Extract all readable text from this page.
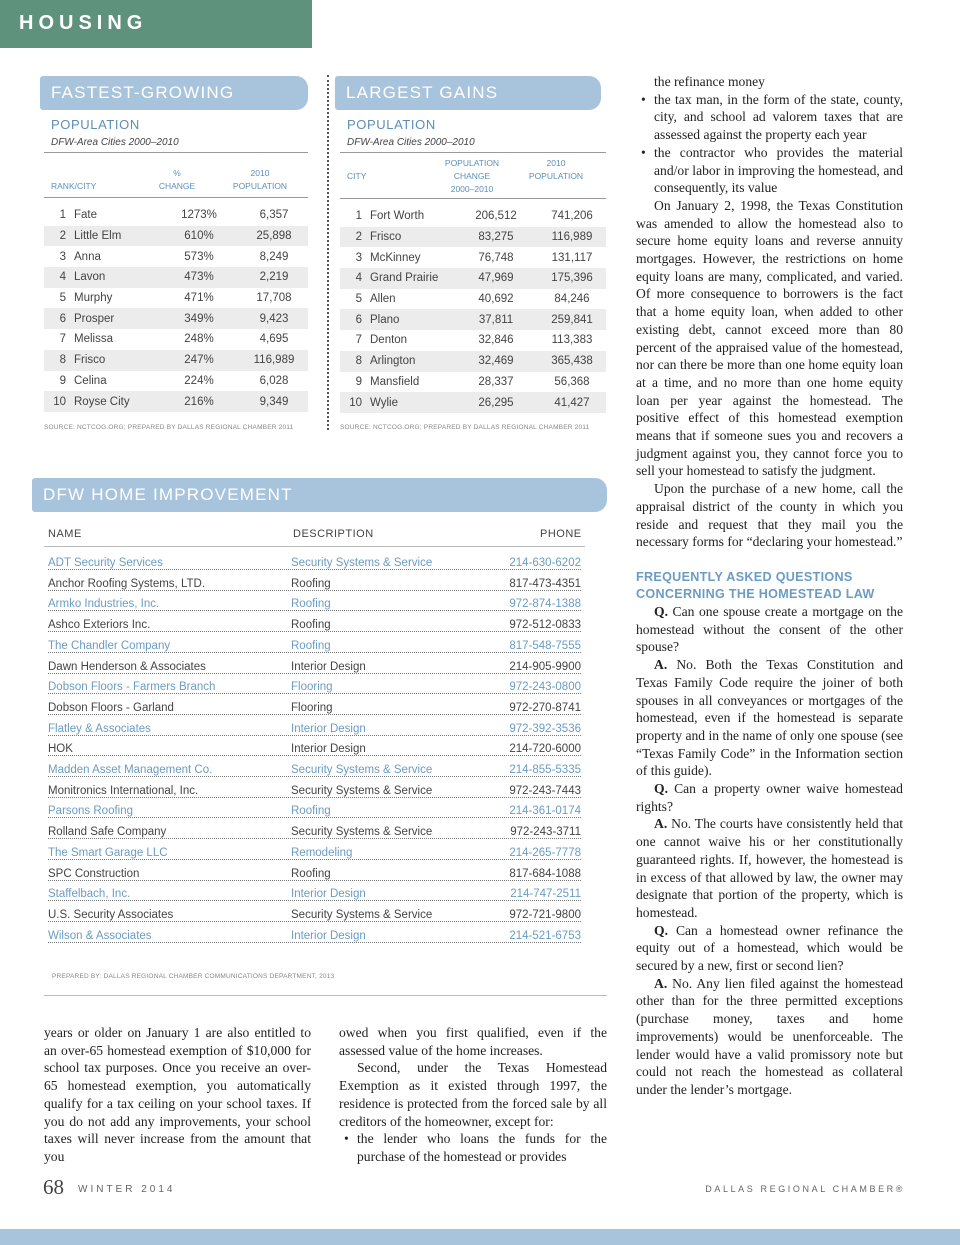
HOUSING
FASTEST-GROWING
POPULATION
DFW-Area Cities 2000–2010
RANK/CITY
%
CHANGE
2010
POPULATION
1	Fate	1273%	6,357
2	Little Elm	610%	25,898
3	Anna	573%	8,249
4	Lavon	473%	2,219
5	Murphy	471%	17,708
6	Prosper	349%	9,423
7	Melissa	248%	4,695
8	Frisco	247%	116,989
9	Celina	224%	6,028
10	Royse City	216%	9,349
SOURCE: NCTCOG.ORG; PREPARED BY DALLAS REGIONAL CHAMBER 2011
LARGEST GAINS
POPULATION
DFW-Area Cities 2000–2010
CITY
POPULATION
CHANGE
2000–2010
2010
POPULATION
1	Fort Worth	206,512	741,206
2	Frisco	83,275	116,989
3	McKinney	76,748	131,117
4	Grand Prairie	47,969	175,396
5	Allen	40,692	84,246
6	Plano	37,811	259,841
7	Denton	32,846	113,383
8	Arlington	32,469	365,438
9	Mansfield	28,337	56,368
10	Wylie	26,295	41,427
SOURCE: NCTCOG.ORG; PREPARED BY DALLAS REGIONAL CHAMBER 2011
DFW HOME IMPROVEMENT
NAME	DESCRIPTION	PHONE
ADT Security Services	Security Systems & Service	214-630-6202
Anchor Roofing Systems, LTD.	Roofing	817-473-4351
Armko Industries, Inc.	Roofing	972-874-1388
Ashco Exteriors Inc.	Roofing	972-512-0833
The Chandler Company	Roofing	817-548-7555
Dawn Henderson & Associates	Interior Design	214-905-9900
Dobson Floors - Farmers Branch	Flooring	972-243-0800
Dobson Floors - Garland	Flooring	972-270-8741
Flatley & Associates	Interior Design	972-392-3536
HOK	Interior Design	214-720-6000
Madden Asset Management Co.	Security Systems & Service	214-855-5335
Monitronics International, Inc.	Security Systems & Service	972-243-7443
Parsons Roofing	Roofing	214-361-0174
Rolland Safe Company	Security Systems & Service	972-243-3711
The Smart Garage LLC	Remodeling	214-265-7778
SPC Construction	Roofing	817-684-1088
Staffelbach, Inc.	Interior Design	214-747-2511
U.S. Security Associates	Security Systems & Service	972-721-9800
Wilson & Associates	Interior Design	214-521-6753
PREPARED BY: DALLAS REGIONAL CHAMBER COMMUNICATIONS DEPARTMENT, 2013

years or older on January 1 are also entitled to an over-65 homestead exemption of $10,000 for school tax purposes. Once you receive an over-65 homestead exemption, you automatically qualify for a tax ceiling on your school taxes. If you do not add any improvements, your school taxes will never increase from the amount that you

owed when you first qualified, even if the assessed value of the home increases.

Second, under the Texas Homestead Exemption as it existed through 1997, the residence is protected from the forced sale by all creditors of the homeowner, except for:

• the lender who loans the funds for the purchase of the homestead or provides

the refinance money

• the tax man, in the form of the state, county, city, and school ad valorem taxes that are assessed against the property each year

• the contractor who provides the material and/or labor in improving the homestead, and consequently, its value

On January 2, 1998, the Texas Constitution was amended to allow the homestead also to secure home equity loans and reverse annuity mortgages. However, the restrictions on home equity loans are many, complicated, and varied. Of more consequence to borrowers is the fact that a home equity loan, when added to other existing debt, cannot exceed more than 80 percent of the appraised value of the homestead, nor can there be more than one home equity loan at a time, and no more than one home equity loan per year against the homestead. The positive effect of this homestead exemption means that if someone sues you and recovers a judgment against you, they cannot force you to sell your homestead to satisfy the judgment.

Upon the purchase of a new home, call the appraisal district of the county in which you reside and request that they mail you the necessary forms for “declaring your homestead.”

FREQUENTLY ASKED QUESTIONS
CONCERNING THE HOMESTEAD LAW

Q. Can one spouse create a mortgage on the homestead without the consent of the other spouse?

A. No. Both the Texas Constitution and Texas Family Code require the joiner of both spouses in all conveyances or mortgages of the homestead, even if the homestead is separate property and in the name of only one spouse (see “Texas Family Code” in the Information section of this guide).

Q. Can a property owner waive homestead rights?

A. No. The courts have consistently held that one cannot waive his or her constitutionally guaranteed rights. If, however, the homestead is in excess of that allowed by law, the owner may designate that portion of the property, which is homestead.

Q. Can a homestead owner refinance the equity out of a homestead, which would be secured by a new, first or second lien?

A. No. Any lien filed against the homestead other than for the three permitted exceptions (purchase money, taxes and home improvements) would be unenforceable. The lender would have a valid promissory note but could not reach the homestead as collateral under the lender’s mortgage.

68 WINTER 2014	DALLAS REGIONAL CHAMBER®
